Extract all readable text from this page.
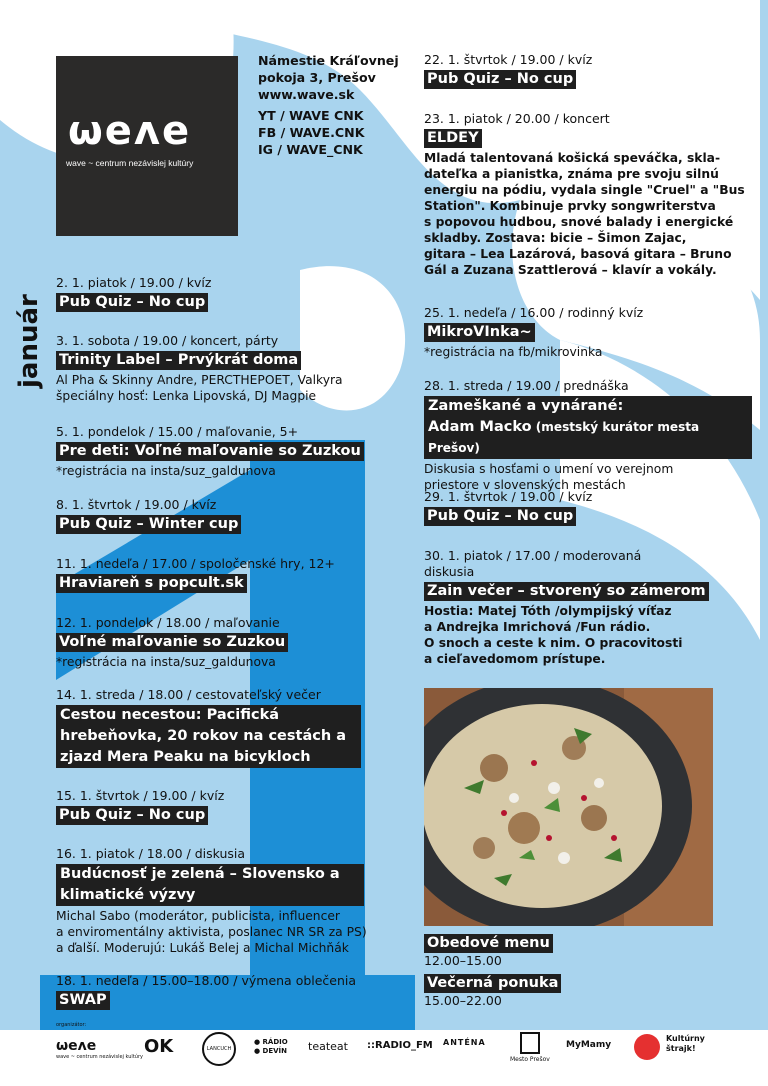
ωeʌe
wave ~ centrum nezávislej kultúry
Námestie Kráľovnej
pokoja 3, Prešov
www.wave.sk
YT / WAVE CNK
FB / WAVE.CNK
IG / WAVE_CNK
január
2. 1. piatok / 19.00 / kvíz
Pub Quiz – No cup
3. 1. sobota / 19.00 / koncert, párty
Trinity Label – Prvýkrát doma
Al Pha & Skinny Andre, PERCTHEPOET, Valkyra
špeciálny hosť: Lenka Lipovská, DJ Magpie
5. 1. pondelok / 15.00 / maľovanie, 5+
Pre deti: Voľné maľovanie so Zuzkou
*registrácia na insta/suz_galdunova
8. 1. štvrtok / 19.00 / kvíz
Pub Quiz – Winter cup
11. 1. nedeľa / 17.00 / spoločenské hry, 12+
Hraviareň s popcult.sk
12. 1. pondelok / 18.00 / maľovanie
Voľné maľovanie so Zuzkou
*registrácia na insta/suz_galdunova
14. 1. streda / 18.00 / cestovateľský večer
Cestou necestou: Pacifická hrebeňovka, 20 rokov na cestách a zjazd Mera Peaku na bicykloch
15. 1. štvrtok / 19.00 / kvíz
Pub Quiz – No cup
16. 1. piatok / 18.00 / diskusia
Budúcnosť je zelená – Slovensko a klimatické výzvy
Michal Sabo (moderátor, publicista, influencer
a enviromentálny aktivista, poslanec NR SR za PS)
a ďalší. Moderujú: Lukáš Belej a Michal Michňák
18. 1. nedeľa / 15.00–18.00 / výmena oblečenia
SWAP
22. 1. štvrtok / 19.00 / kvíz
Pub Quiz – No cup
23. 1. piatok / 20.00 / koncert
ELDEY
Mladá talentovaná košická speváčka, skla-
dateľka a pianistka, známa pre svoju silnú
energiu na pódiu, vydala single "Cruel" a "Bus
Station". Kombinuje prvky songwriterstva
s popovou hudbou, snové balady i energické
skladby. Zostava: bicie – Šimon Zajac,
gitara – Lea Lazárová, basová gitara – Bruno
Gál a Zuzana Szattlerová – klavír a vokály.
25. 1. nedeľa / 16.00 / rodinný kvíz
MikroVInka~
*registrácia na fb/mikrovinka
28. 1. streda / 19.00 / prednáška
Zameškané a vynárané:
Adam Macko (mestský kurátor mesta Prešov)
Diskusia s hosťami o umení vo verejnom
priestore v slovenských mestách
29. 1. štvrtok / 19.00 / kvíz
Pub Quiz – No cup
30. 1. piatok / 17.00 / moderovaná
diskusia
Zain večer – stvorený so zámerom
Hostia: Matej Tóth /olympijský víťaz
a Andrejka Imrichová /Fun rádio.
O snoch a ceste k nim. O pracovitosti
a cieľavedomom prístupe.
Obedové menu
12.00–15.00
Večerná ponuka
15.00–22.00
organizátor:
ωeʌe
wave ~ centrum nezávislej kultúry OK	LANCUCH
● RÁDIO
● DEVÍN teateat ::RADIO_FM ANTÉNA
Mesto Prešov
MyMamy
Kultúrny
štrajk!
